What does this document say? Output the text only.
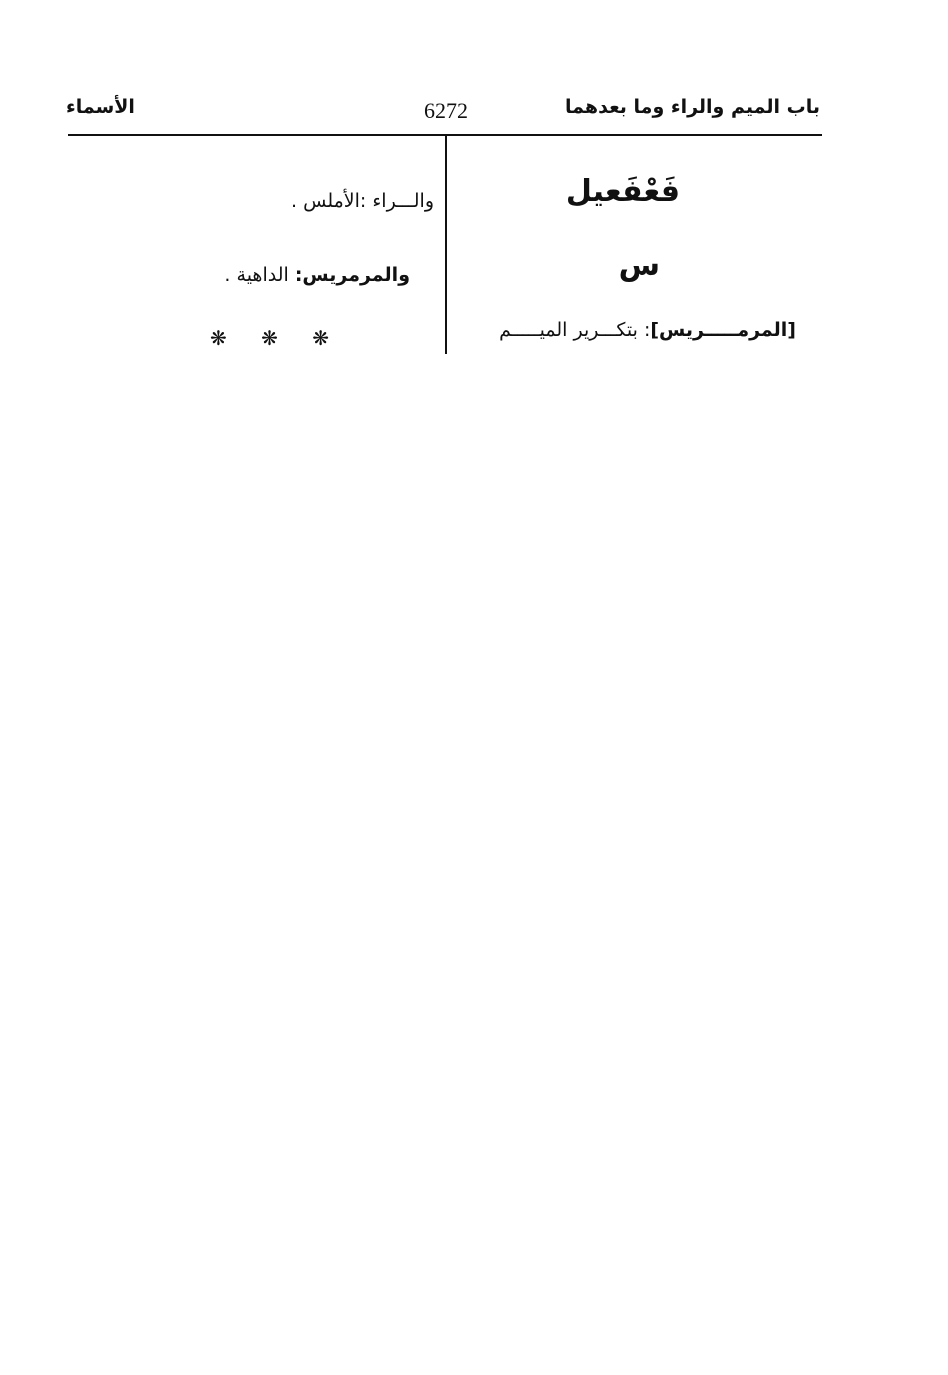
باب الميم والراء وما بعدهما
6272
الأسماء
فَعْفَعيل
س
[المرمـــــريس]: بتكـــرير الميـــــم
والـــراء :الأملس .
والمرمريس: الداهية .
❋ ❋ ❋
